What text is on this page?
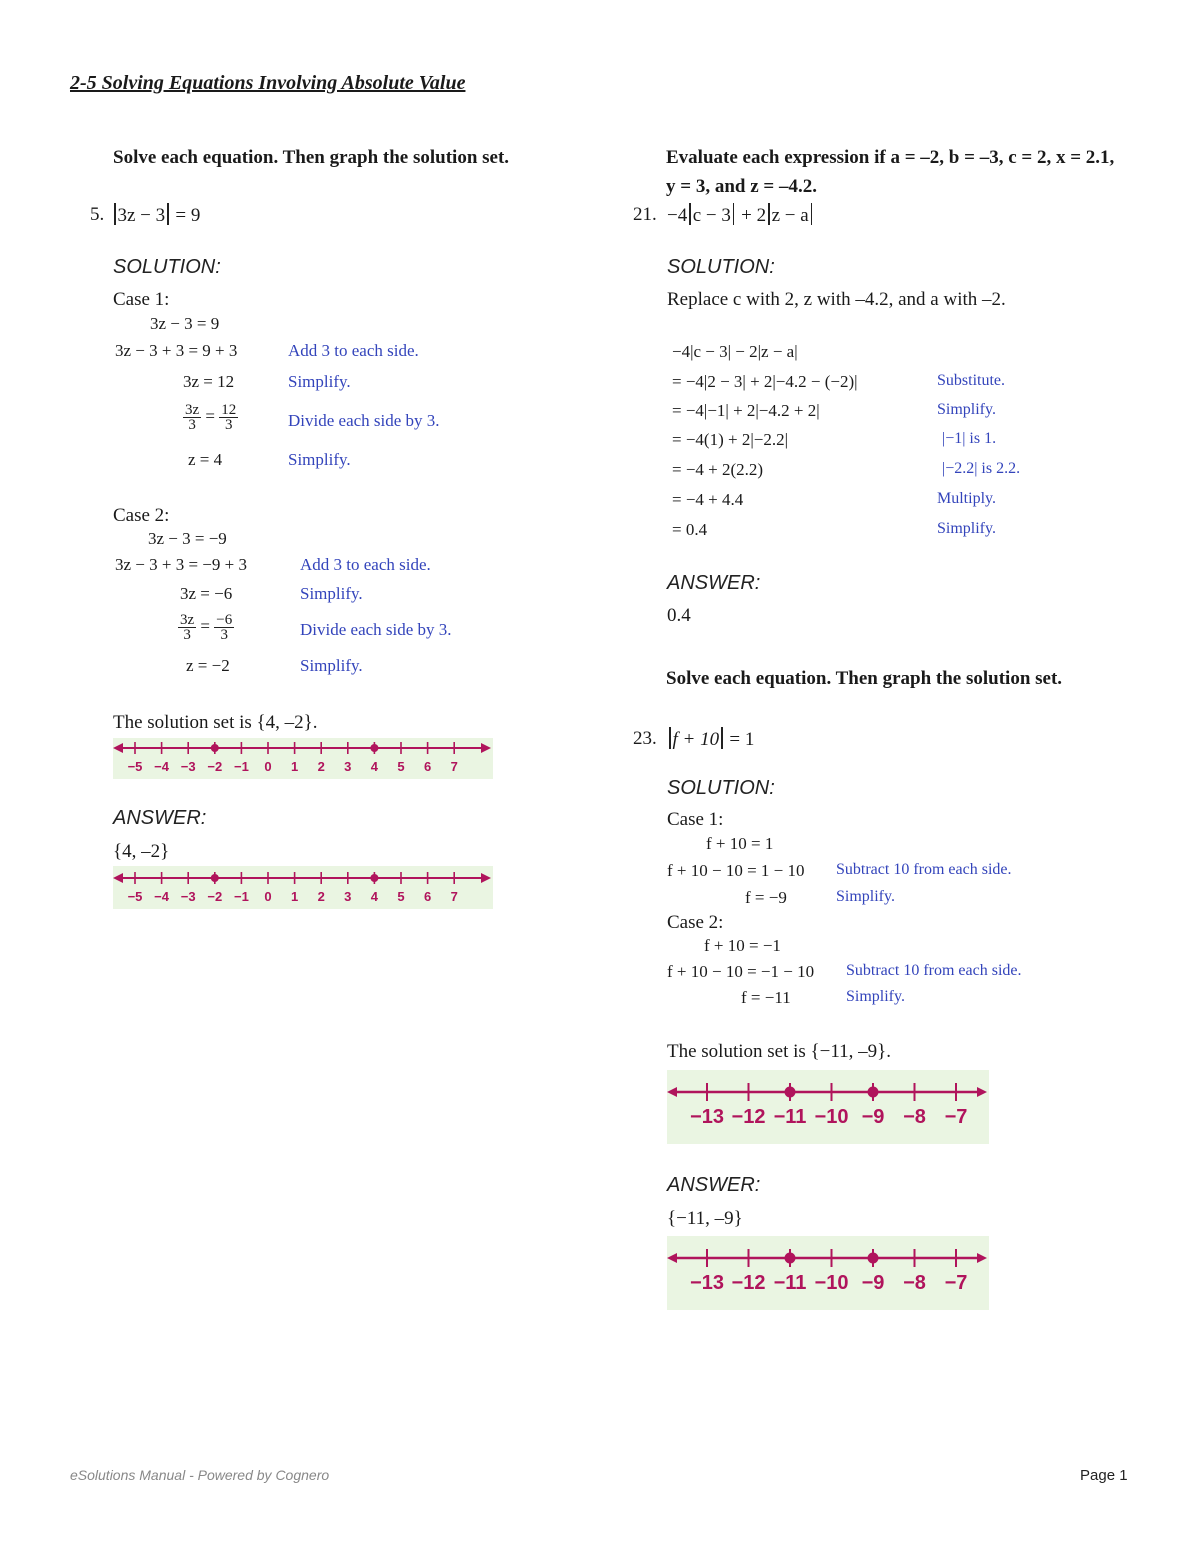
2-5 Solving Equations Involving Absolute Value
Solve each equation. Then graph the solution set.
5. 3z − 3 = 9
SOLUTION:
Case 1:
3z − 3 = 9
3z − 3 + 3 = 9 + 3	Add 3 to each side.
3z = 12	Simplify.
$\frac{3z}{3} = \frac{12}{3}$	Divide each side by 3.
z = 4	Simplify.
Case 2:
3z − 3 = −9
3z − 3 + 3 = −9 + 3	Add 3 to each side.
3z = −6	Simplify.
$\frac{3z}{3} = \frac{-6}{3}$	Divide each side by 3.
z = −2	Simplify.
The solution set is {4, –2}.
−5 −4 −3 −2 −1 0 1 2 3 4 5 6 7
ANSWER:
{4, –2}
−5 −4 −3 −2 −1 0 1 2 3 4 5 6 7
Evaluate each expression if a = –2, b = –3, c = 2, x = 2.1, y = 3, and z = –4.2.
21. −4 c − 3 + 2 z − a
SOLUTION:
Replace c with 2, z with –4.2, and a with –2.
−4|c − 3| − 2|z − a|
= −4|2 − 3| + 2|−4.2 − (−2)|	Substitute.
= −4|−1| + 2|−4.2 + 2|	Simplify.
= −4(1) + 2|−2.2|	|−1| is 1.
= −4 + 2(2.2)	|−2.2| is 2.2.
= −4 + 4.4	Multiply.
= 0.4	Simplify.
ANSWER:
0.4
Solve each equation. Then graph the solution set.
23. f + 10 = 1
SOLUTION:
Case 1:
f + 10 = 1
f + 10 − 10 = 1 − 10 Subtract 10 from each side.
f = −9	Simplify.
Case 2:
f + 10 = −1
f + 10 − 10 = −1 − 10 Subtract 10 from each side.
f = −11	Simplify.
The solution set is {−11, –9}.
−13 −12 −11 −10 −9 −8 −7
ANSWER:
{−11, –9}
−13 −12 −11 −10 −9 −8 −7
eSolutions Manual - Powered by Cognero	Page 1
